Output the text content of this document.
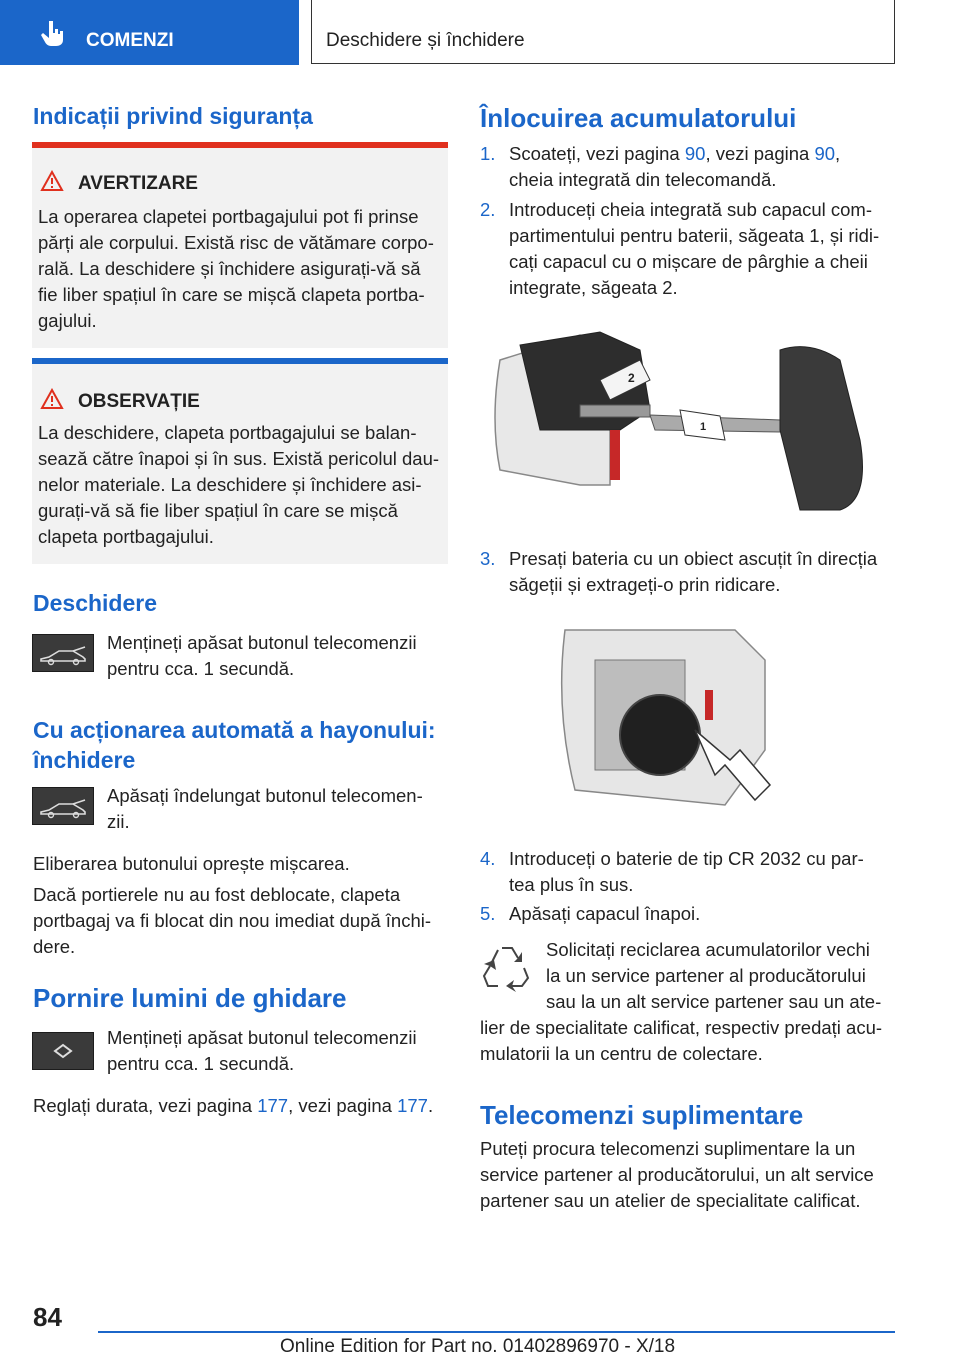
COMENZI	Deschidere și închidere
Indicații privind siguranța
AVERTIZARE

La operarea clapetei portbagajului pot fi prinse

părți ale corpului. Există risc de vătămare corpo-

rală. La deschidere și închidere asigurați-vă să

fie liber spațiul în care se mișcă clapeta portba-

gajului.

OBSERVAȚIE

La deschidere, clapeta portbagajului se balan-

sează către înapoi și în sus. Există pericolul dau-

nelor materiale. La deschidere și închidere asi-

gurați-vă să fie liber spațiul în care se mișcă

clapeta portbagajului.

Deschidere

Mențineți apăsat butonul telecomenzii

pentru cca. 1 secundă.

Cu acționarea automată a hayonului:
închidere

Apăsați îndelungat butonul telecomen-

zii.

Eliberarea butonului oprește mișcarea.

Dacă portierele nu au fost deblocate, clapeta

portbagaj va fi blocat din nou imediat după închi-

dere.

Pornire lumini de ghidare

Mențineți apăsat butonul telecomenzii

pentru cca. 1 secundă.

Reglați durata, vezi pagina 177, vezi pagina 177.
Înlocuirea acumulatorului
1. Scoateți, vezi pagina 90, vezi pagina 90,

cheia integrată din telecomandă.

2. Introduceți cheia integrată sub capacul com-

partimentului pentru baterii, săgeata 1, și ridi-

cați capacul cu o mișcare de pârghie a cheii

integrate, săgeata 2.

2
1
3. Presați bateria cu un obiect ascuțit în direcția

săgeții și extrageți-o prin ridicare.

4. Introduceți o baterie de tip CR 2032 cu par-

tea plus în sus.

5. Apăsați capacul înapoi.

Solicitați reciclarea acumulatorilor vechi

la un service partener al producătorului

sau la un alt service partener sau un ate-

lier de specialitate calificat, respectiv predați acu-

mulatorii la un centru de colectare.

Telecomenzi suplimentare

Puteți procura telecomenzi suplimentare la un

service partener al producătorului, un alt service

partener sau un atelier de specialitate calificat.

84
Online Edition for Part no. 01402896970 - X/18
